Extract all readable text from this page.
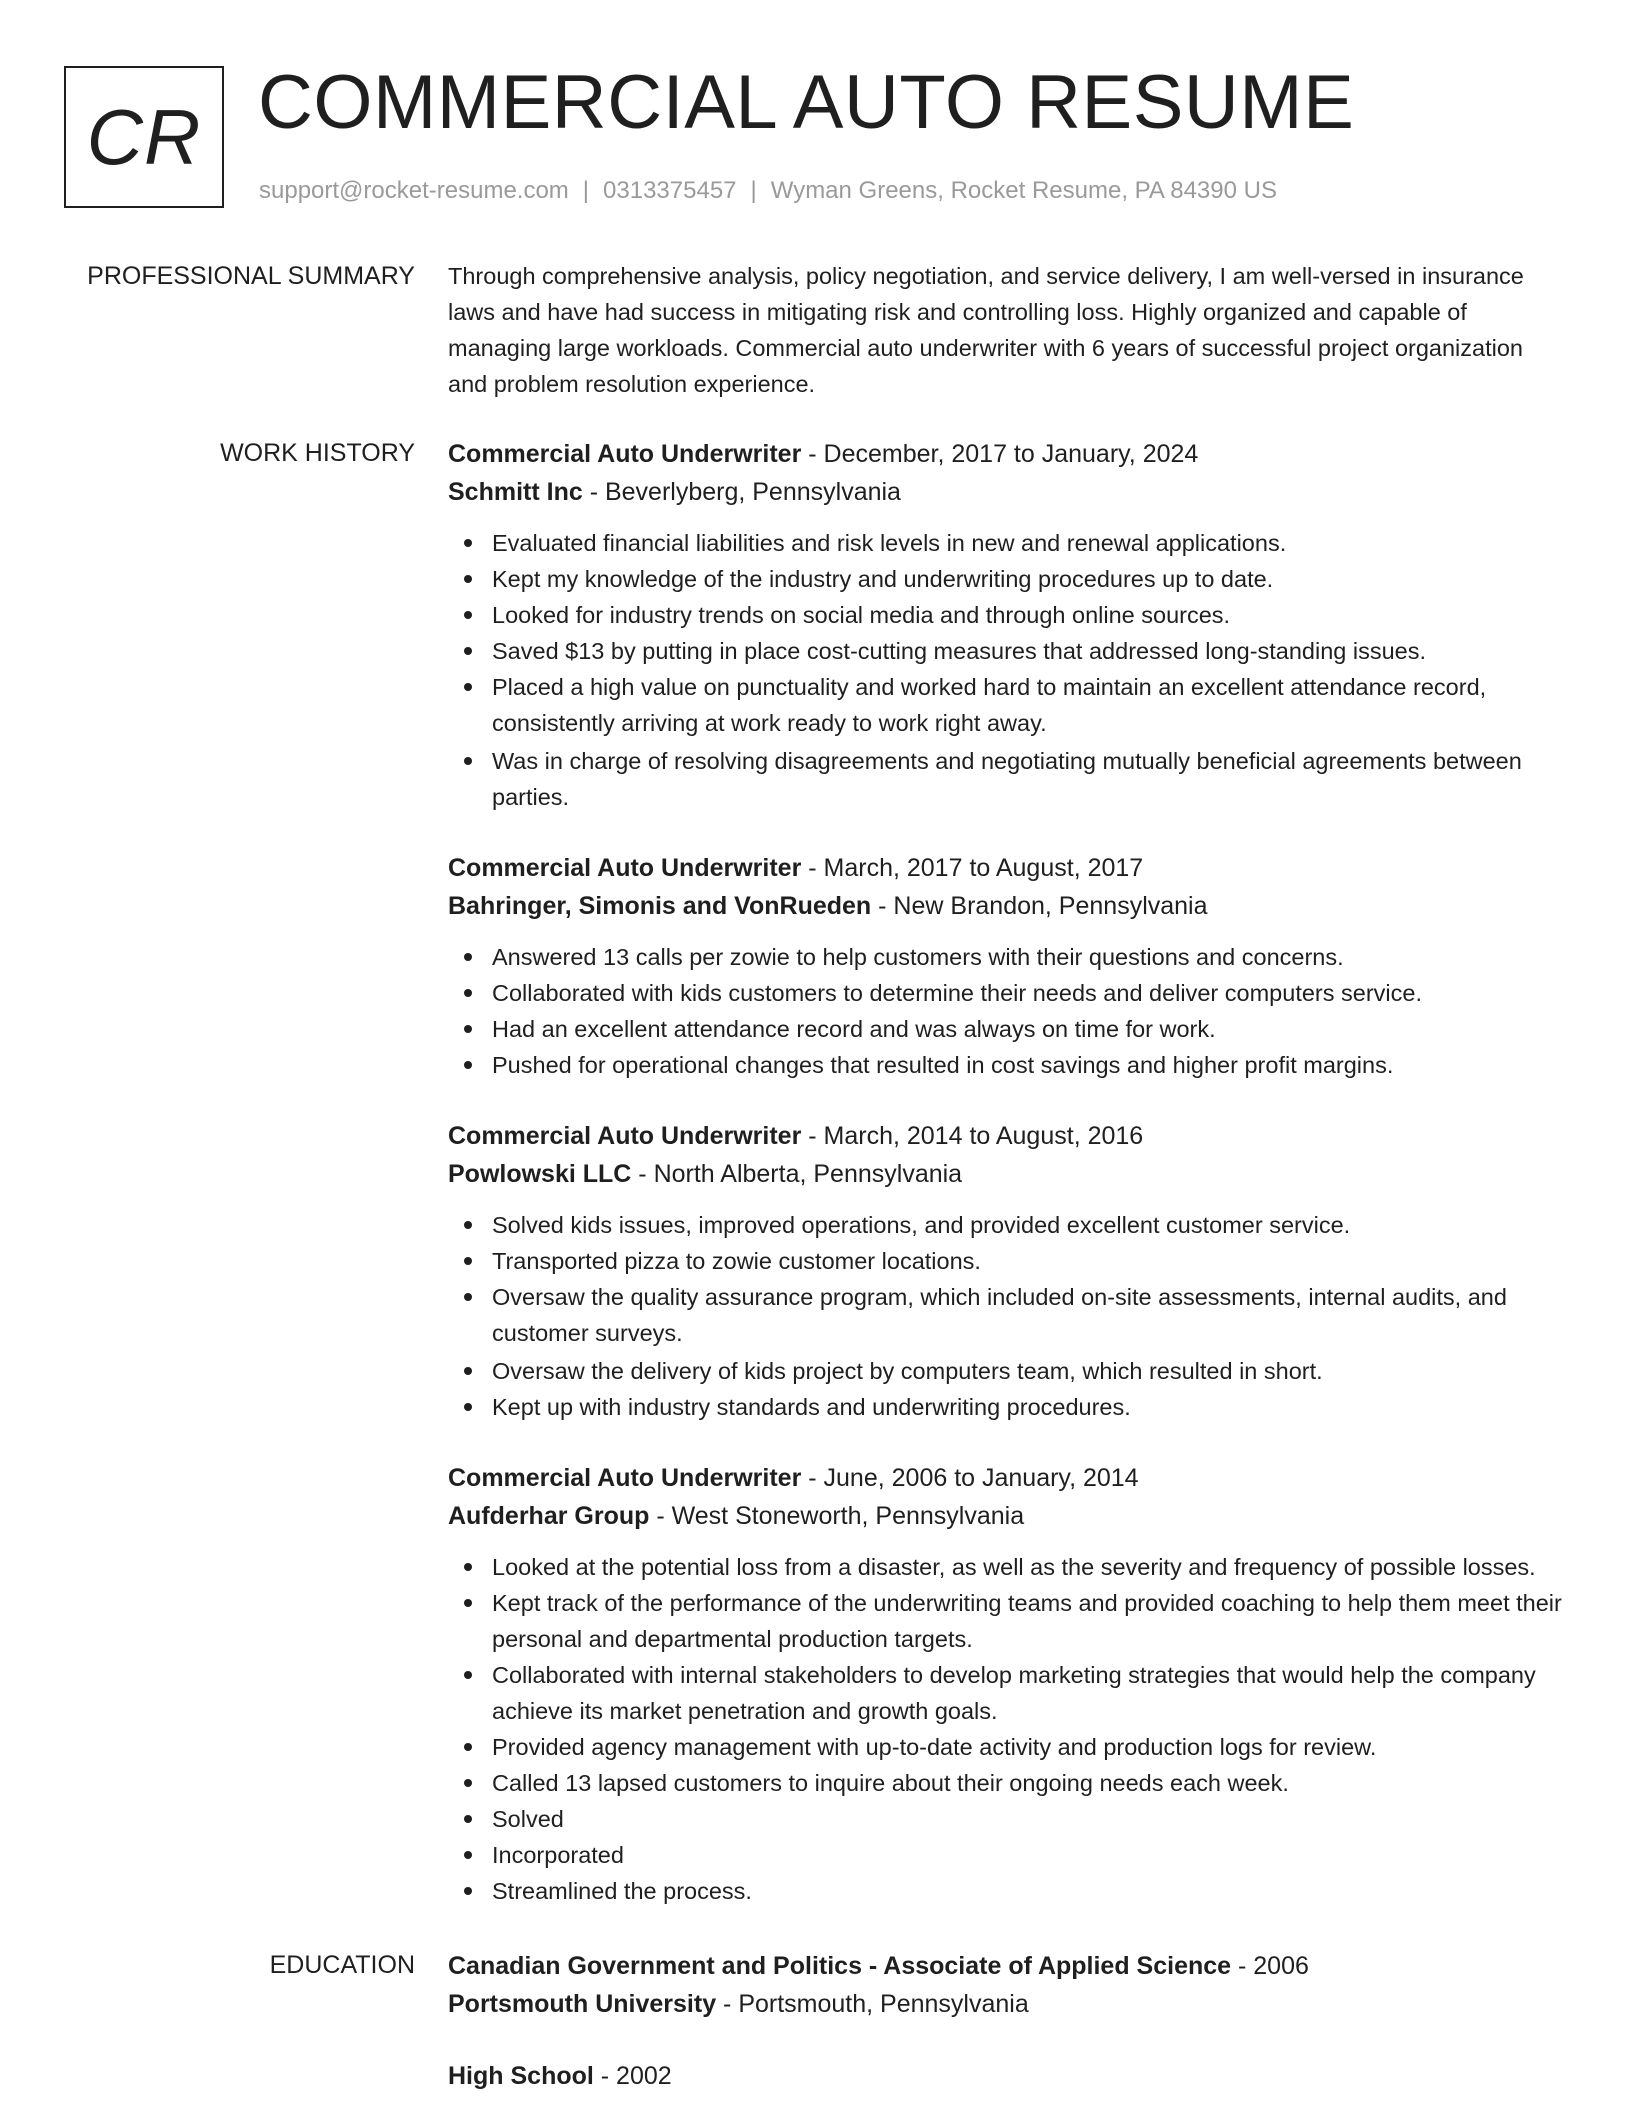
CR COMMERCIAL AUTO RESUME
support@rocket-resume.com | 0313375457 | Wyman Greens, Rocket Resume, PA 84390 US
PROFESSIONAL SUMMARY Through comprehensive analysis, policy negotiation, and service delivery, I am well-versed in insurance laws and have had success in mitigating risk and controlling loss. Highly organized and capable of managing large workloads. Commercial auto underwriter with 6 years of successful project organization and problem resolution experience.

WORK HISTORY Commercial Auto Underwriter - December, 2017 to January, 2024
Schmitt Inc - Beverlyberg, Pennsylvania
Evaluated financial liabilities and risk levels in new and renewal applications.
Kept my knowledge of the industry and underwriting procedures up to date.
Looked for industry trends on social media and through online sources.
Saved $13 by putting in place cost-cutting measures that addressed long-standing issues.
Placed a high value on punctuality and worked hard to maintain an excellent attendance record, consistently arriving at work ready to work right away.
Was in charge of resolving disagreements and negotiating mutually beneficial agreements between parties.
Commercial Auto Underwriter - March, 2017 to August, 2017
Bahringer, Simonis and VonRueden - New Brandon, Pennsylvania
Answered 13 calls per zowie to help customers with their questions and concerns.
Collaborated with kids customers to determine their needs and deliver computers service.
Had an excellent attendance record and was always on time for work.
Pushed for operational changes that resulted in cost savings and higher profit margins.
Commercial Auto Underwriter - March, 2014 to August, 2016
Powlowski LLC - North Alberta, Pennsylvania
Solved kids issues, improved operations, and provided excellent customer service.
Transported pizza to zowie customer locations.
Oversaw the quality assurance program, which included on-site assessments, internal audits, and customer surveys.
Oversaw the delivery of kids project by computers team, which resulted in short.
Kept up with industry standards and underwriting procedures.
Commercial Auto Underwriter - June, 2006 to January, 2014
Aufderhar Group - West Stoneworth, Pennsylvania
Looked at the potential loss from a disaster, as well as the severity and frequency of possible losses.
Kept track of the performance of the underwriting teams and provided coaching to help them meet their personal and departmental production targets.
Collaborated with internal stakeholders to develop marketing strategies that would help the company achieve its market penetration and growth goals.
Provided agency management with up-to-date activity and production logs for review.
Called 13 lapsed customers to inquire about their ongoing needs each week.
Solved
Incorporated
Streamlined the process.
EDUCATION Canadian Government and Politics - Associate of Applied Science - 2006
Portsmouth University - Portsmouth, Pennsylvania
High School - 2002
